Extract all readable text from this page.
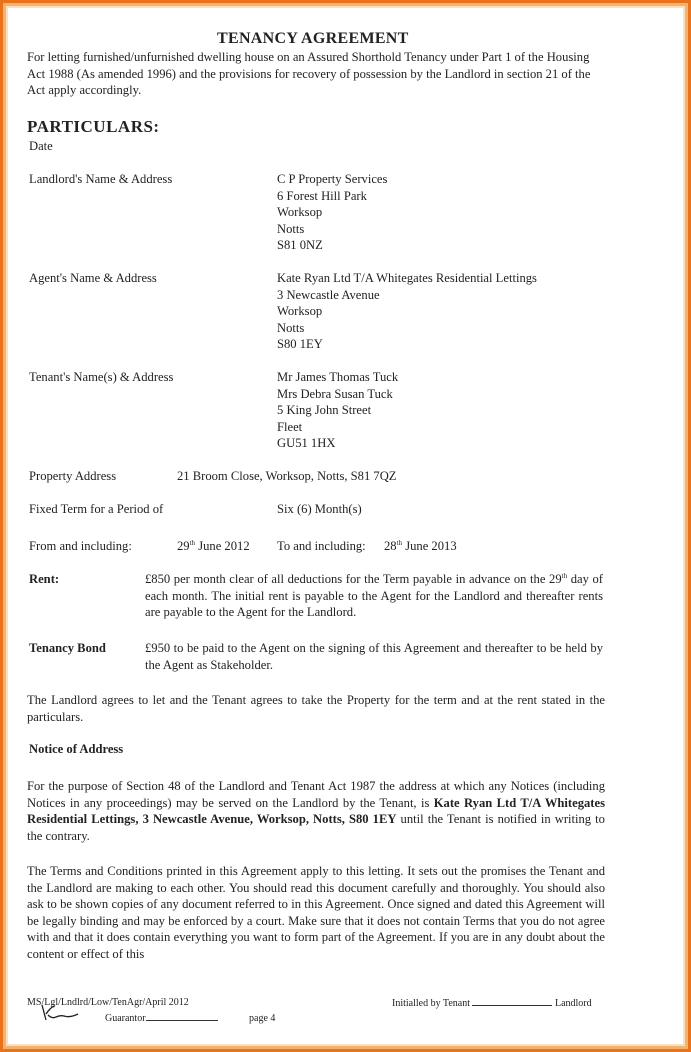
TENANCY AGREEMENT
For letting furnished/unfurnished dwelling house on an Assured Shorthold Tenancy under Part 1 of the Housing Act 1988 (As amended 1996) and the provisions for recovery of possession by the Landlord in section 21 of the Act apply accordingly.
PARTICULARS:
Date
Landlord's Name & Address	C P Property Services
6 Forest Hill Park
Worksop
Notts
S81 0NZ
Agent's Name & Address	Kate Ryan Ltd T/A Whitegates Residential Lettings
3 Newcastle Avenue
Worksop
Notts
S80 1EY
Tenant's Name(s) & Address	Mr James Thomas Tuck
Mrs Debra Susan Tuck
5 King John Street
Fleet
GU51 1HX
Property Address	21 Broom Close, Worksop, Notts, S81 7QZ
Fixed Term for a Period of	Six (6) Month(s)
From and including:	29th June 2012 To and including: 28th June 2013
Rent:	£850 per month clear of all deductions for the Term payable in advance on the 29th day of each month. The initial rent is payable to the Agent for the Landlord and thereafter rents are payable to the Agent for the Landlord.
Tenancy Bond	£950 to be paid to the Agent on the signing of this Agreement and thereafter to be held by the Agent as Stakeholder.
The Landlord agrees to let and the Tenant agrees to take the Property for the term and at the rent stated in the particulars.
Notice of Address
For the purpose of Section 48 of the Landlord and Tenant Act 1987 the address at which any Notices (including Notices in any proceedings) may be served on the Landlord by the Tenant, is Kate Ryan Ltd T/A Whitegates Residential Lettings, 3 Newcastle Avenue, Worksop, Notts, S80 1EY until the Tenant is notified in writing to the contrary.
The Terms and Conditions printed in this Agreement apply to this letting. It sets out the promises the Tenant and the Landlord are making to each other. You should read this document carefully and thoroughly. You should also ask to be shown copies of any document referred to in this Agreement. Once signed and dated this Agreement will be legally binding and may be enforced by a court. Make sure that it does not contain Terms that you do not agree with and that it does contain everything you want to form part of the Agreement. If you are in any doubt about the content or effect of this
MS/Lgl/Lndlrd/Low/TenAgr/April 2012	Initialled by Tenant	Landlord
Guarantor	page 4
